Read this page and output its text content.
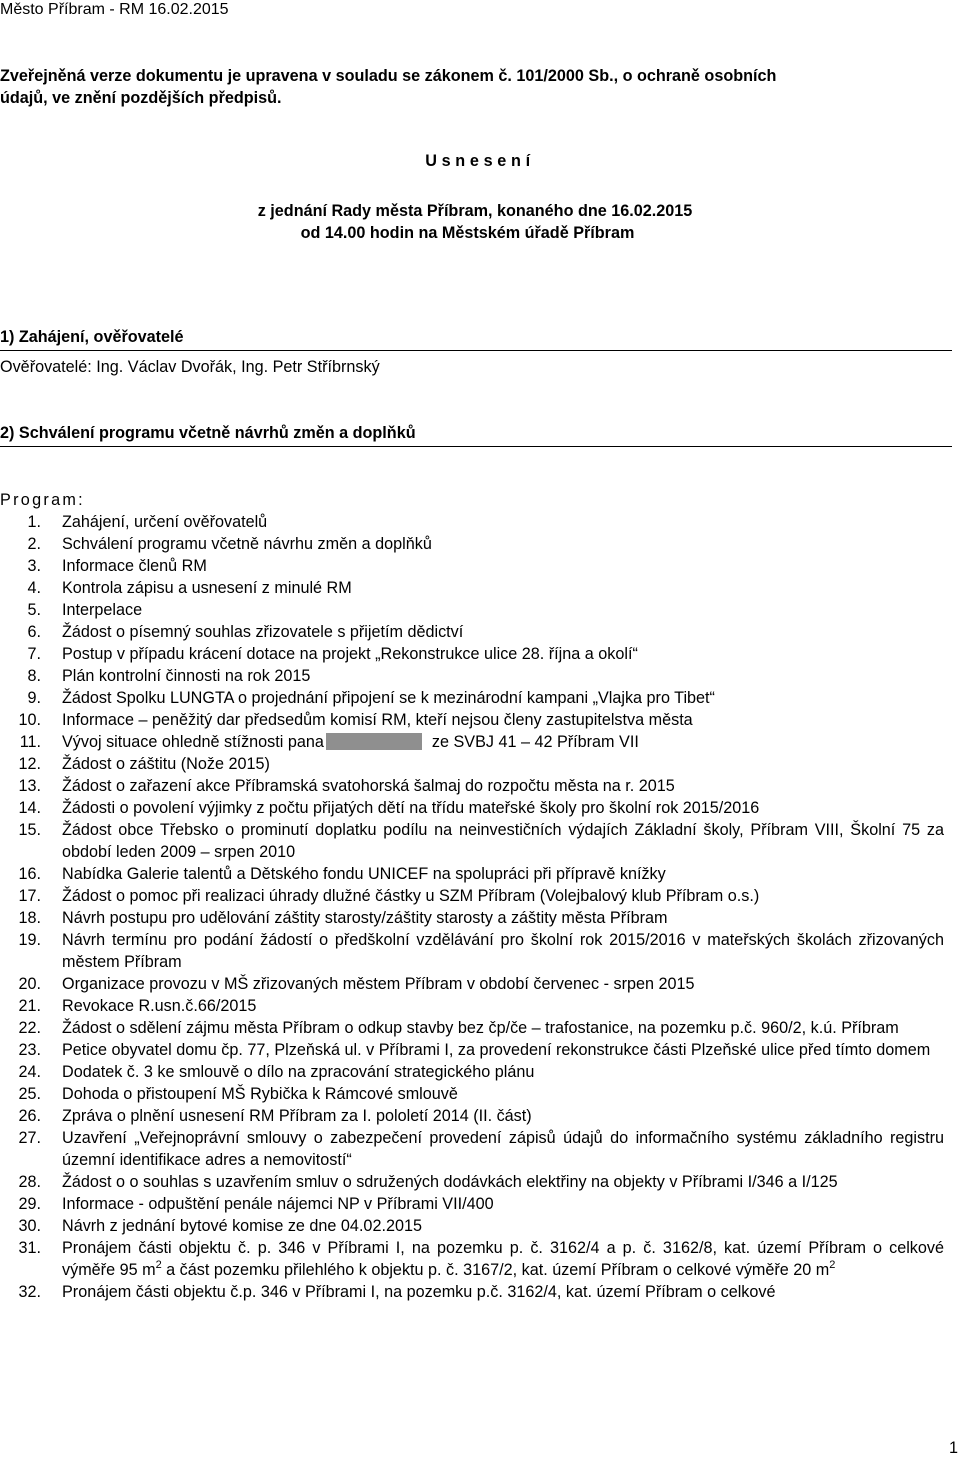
Město Příbram - RM 16.02.2015
Zveřejněná verze dokumentu je upravena v souladu se zákonem č. 101/2000 Sb., o ochraně osobních
údajů, ve znění pozdějších předpisů.
Usnesení
z jednání Rady města Příbram, konaného dne 16.02.2015
od 14.00 hodin na Městském úřadě Příbram
1) Zahájení, ověřovatelé
Ověřovatelé: Ing. Václav Dvořák, Ing. Petr Stříbrnský
2) Schválení programu včetně návrhů změn a doplňků
Program:
1.	Zahájení, určení ověřovatelů
2.	Schválení programu včetně návrhu změn a doplňků
3.	Informace členů RM
4.	Kontrola zápisu a usnesení z minulé RM
5.	Interpelace
6.	Žádost o písemný souhlas zřizovatele s přijetím dědictví
7.	Postup v případu krácení dotace na projekt „Rekonstrukce ulice 28. října a okolí“
8.	Plán kontrolní činnosti na rok 2015
9.	Žádost Spolku LUNGTA o projednání připojení se k mezinárodní kampani „Vlajka pro Tibet“
10.	Informace – peněžitý dar předsedům komisí RM, kteří nejsou členy zastupitelstva města
11.	Vývoj situace ohledně stížnosti pana	ze SVBJ 41 – 42 Příbram VII
12.	Žádost o záštitu (Nože 2015)
13.	Žádost o zařazení akce Příbramská svatohorská šalmaj do rozpočtu města na r. 2015
14.	Žádosti o povolení výjimky z počtu přijatých dětí na třídu mateřské školy pro školní rok 2015/2016
15.	Žádost obce Třebsko o prominutí doplatku podílu na neinvestičních výdajích Základní školy, Příbram VIII, Školní 75 za období leden 2009 – srpen 2010
16.	Nabídka Galerie talentů a Dětského fondu UNICEF na spolupráci při přípravě knížky
17.	Žádost o pomoc při realizaci úhrady dlužné částky u SZM Příbram (Volejbalový klub Příbram o.s.)
18.	Návrh postupu pro udělování záštity starosty/záštity starosty a záštity města Příbram
19.	Návrh termínu pro podání žádostí o předškolní vzdělávání pro školní rok 2015/2016 v mateřských školách zřizovaných městem Příbram
20.	Organizace provozu v MŠ zřizovaných městem Příbram v období červenec - srpen 2015
21.	Revokace R.usn.č.66/2015
22.	Žádost o sdělení zájmu města Příbram o odkup stavby bez čp/če – trafostanice, na pozemku p.č. 960/2, k.ú. Příbram
23.	Petice obyvatel domu čp. 77, Plzeňská ul. v Příbrami I, za provedení rekonstrukce části Plzeňské ulice před tímto domem
24.	Dodatek č. 3 ke smlouvě o dílo na zpracování strategického plánu
25.	Dohoda o přistoupení MŠ Rybička k Rámcové smlouvě
26.	Zpráva o plnění usnesení RM Příbram za I. pololetí 2014 (II. část)
27.	Uzavření „Veřejnoprávní smlouvy o zabezpečení provedení zápisů údajů do informačního systému základního registru územní identifikace adres a nemovitostí“
28.	Žádost o o souhlas s uzavřením smluv o sdružených dodávkách elektřiny na objekty v Příbrami I/346 a I/125
29.	Informace - odpuštění penále nájemci NP v Příbrami VII/400
30.	Návrh z jednání bytové komise ze dne 04.02.2015
31.	Pronájem části objektu č. p. 346 v Příbrami I, na pozemku p. č. 3162/4 a p. č. 3162/8, kat. území Příbram o celkové výměře 95 $m^2$ a část pozemku přilehlého k objektu p. č. 3167/2, kat. území Příbram o celkové výměře 20 $m^2$
32.	Pronájem části objektu č.p. 346 v Příbrami I, na pozemku p.č. 3162/4, kat. území Příbram o celkové
1
